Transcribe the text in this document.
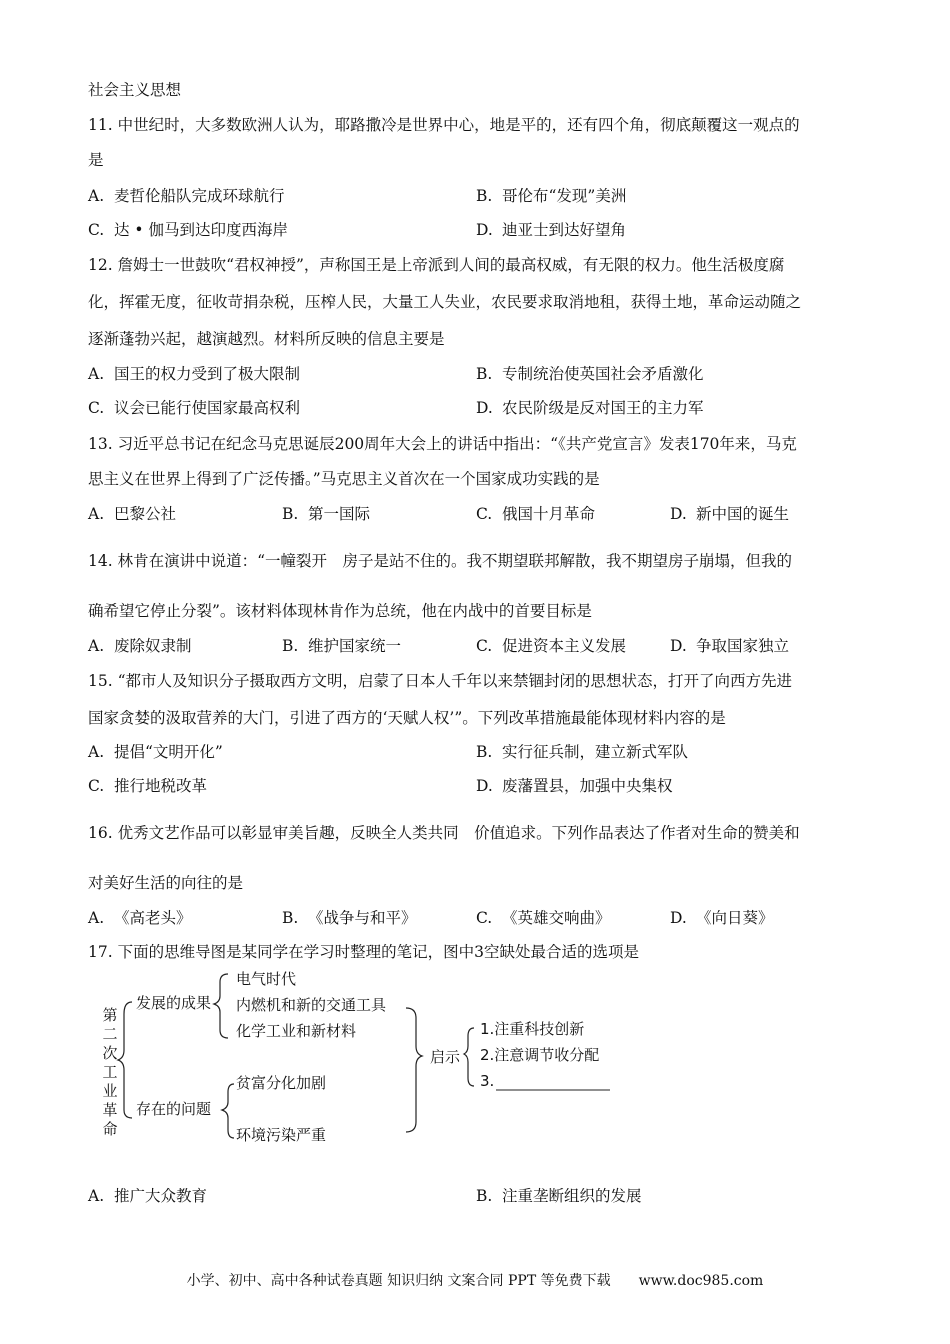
社会主义思想
11. 中世纪时，大多数欧洲人认为，耶路撒冷是世界中心，地是平的，还有四个角，彻底颠覆这一观点的
是
A. 麦哲伦船队完成环球航行	B. 哥伦布“发现”美洲
C. 达 • 伽马到达印度西海岸	D. 迪亚士到达好望角
12. 詹姆士一世鼓吹“君权神授”，声称国王是上帝派到人间的最高权威，有无限的权力。他生活极度腐
化，挥霍无度，征收苛捐杂税，压榨人民，大量工人失业，农民要求取消地租，获得土地，革命运动随之
逐渐蓬勃兴起，越演越烈。材料所反映的信息主要是
A. 国王的权力受到了极大限制	B. 专制统治使英国社会矛盾激化
C. 议会已能行使国家最高权利	D. 农民阶级是反对国王的主力军
13. 习近平总书记在纪念马克思诞辰200周年大会上的讲话中指出：“《共产党宣言》发表170年来，马克
思主义在世界上得到了广泛传播。”马克思主义首次在一个国家成功实践的是
A. 巴黎公社	B. 第一国际	C. 俄国十月革命	D. 新中国的诞生
14. 林肯在演讲中说道：“一幢裂开　房子是站不住的。我不期望联邦解散，我不期望房子崩塌，但我的
确希望它停止分裂”。该材料体现林肯作为总统，他在内战中的首要目标是
A. 废除奴隶制	B. 维护国家统一	C. 促进资本主义发展	D. 争取国家独立
15. “都市人及知识分子摄取西方文明，启蒙了日本人千年以来禁锢封闭的思想状态，打开了向西方先进
国家贪婪的汲取营养的大门，引进了西方的‘天赋人权’”。下列改革措施最能体现材料内容的是
A. 提倡“文明开化”	B. 实行征兵制，建立新式军队
C. 推行地税改革	D. 废藩置县，加强中央集权
16. 优秀文艺作品可以彰显审美旨趣，反映全人类共同　价值追求。下列作品表达了作者对生命的赞美和
对美好生活的向往的是
A. 《高老头》	B. 《战争与和平》	C. 《英雄交响曲》	D. 《向日葵》
17. 下面的思维导图是某同学在学习时整理的笔记，图中3空缺处最合适的选项是
第二次工业革命
发展的成果
电气时代
内燃机和新的交通工具
化学工业和新材料
存在的问题
贫富分化加剧
环境污染严重
启示
1.注重科技创新
2.注意调节收分配
3.
A. 推广大众教育	B. 注重垄断组织的发展
小学、初中、高中各种试卷真题 知识归纳 文案合同 PPT 等免费下载 www.doc985.com
